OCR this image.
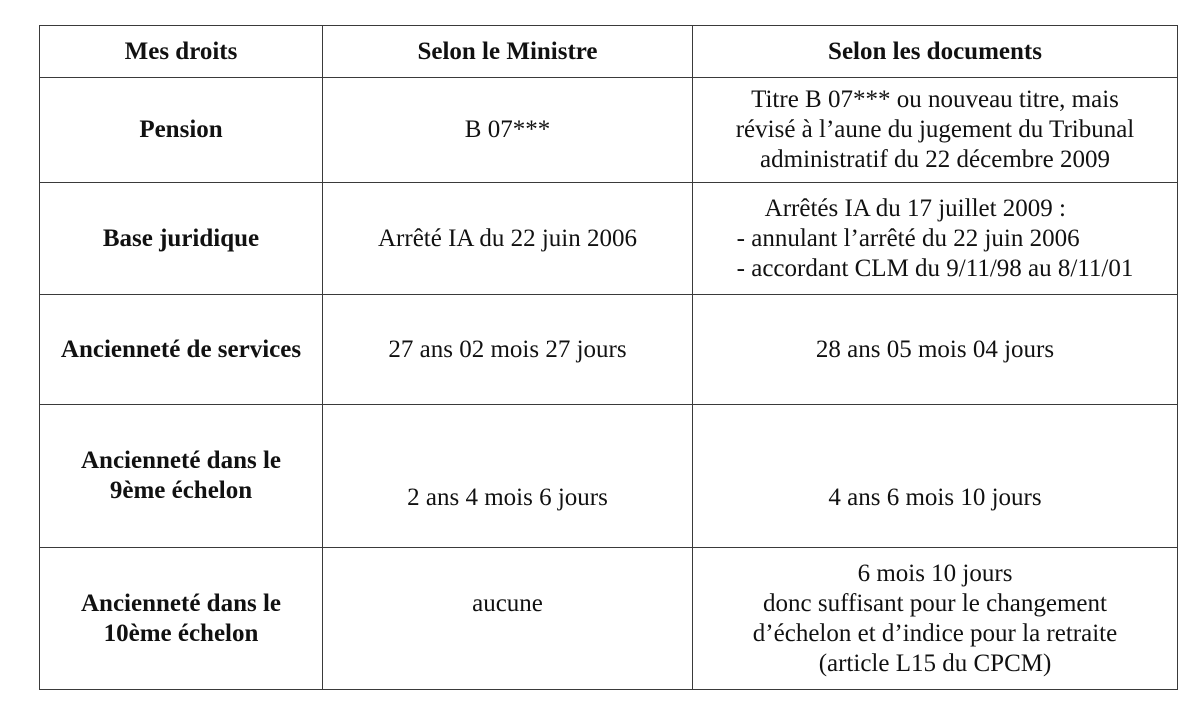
Mes droits	Selon le Ministre	Selon les documents
Pension	B 07***	Titre B 07*** ou nouveau titre, mais
révisé à l’aune du jugement du Tribunal
administratif du 22 décembre 2009

Base juridique	Arrêté IA du 22 juin 2006	Arrêtés IA du 17 juillet 2009 :
- annulant l’arrêté du 22 juin 2006
- accordant CLM du 9/11/98 au 8/11/01

Ancienneté de services	27 ans 02 mois 27 jours	28 ans 05 mois 04 jours

Ancienneté dans le
9ème échelon	2 ans 4 mois 6 jours	4 ans 6 mois 10 jours

Ancienneté dans le
10ème échelon	aucune	6 mois 10 jours
donc suffisant pour le changement
d’échelon et d’indice pour la retraite
(article L15 du CPCM)
